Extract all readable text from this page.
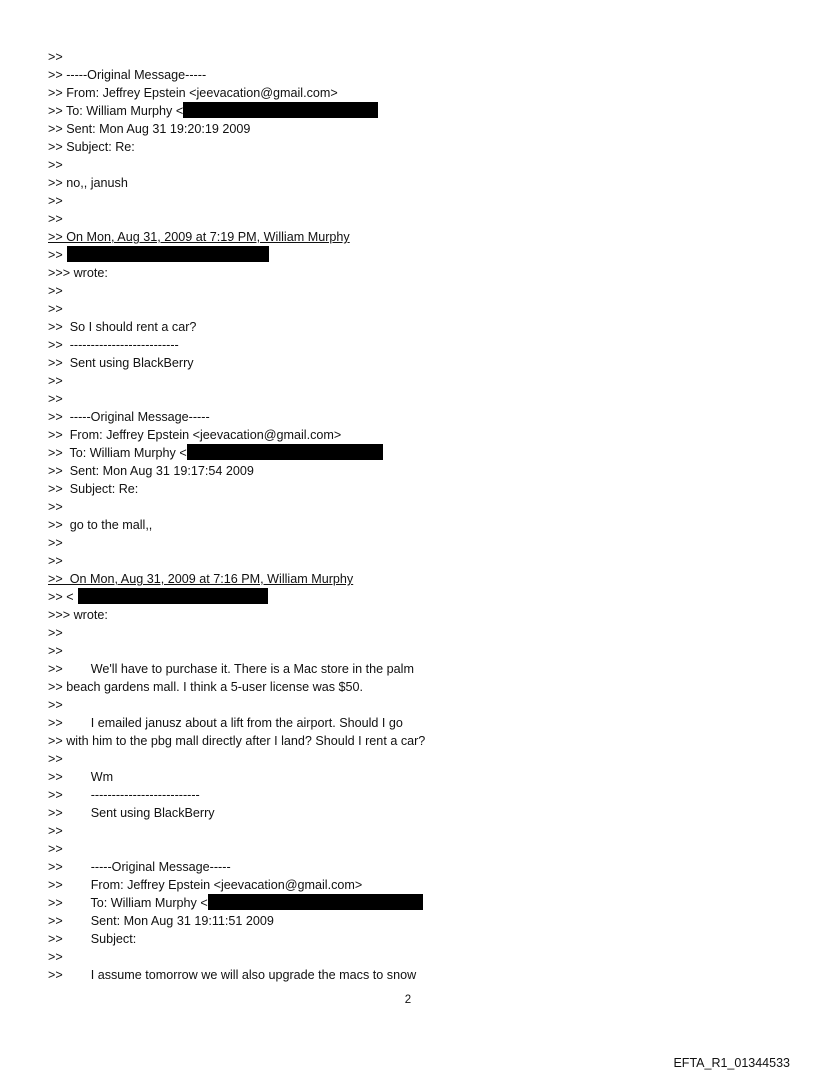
>>
>> -----Original Message-----
>> From: Jeffrey Epstein <jeevacation@gmail.com>
>> To: William Murphy <
>> Sent: Mon Aug 31 19:20:19 2009
>> Subject: Re:
>>
>> no,, janush
>>
>>
>> On Mon, Aug 31, 2009 at 7:19 PM, William Murphy
>>
>>> wrote:
>>
>>
>>  So I should rent a car?
>>  --------------------------
>>  Sent using BlackBerry
>>
>>
>>  -----Original Message-----
>>  From: Jeffrey Epstein <jeevacation@gmail.com>
>>  To: William Murphy <
>>  Sent: Mon Aug 31 19:17:54 2009
>>  Subject: Re:
>>
>>  go to the mall,,
>>
>>
>>  On Mon, Aug 31, 2009 at 7:16 PM, William Murphy
>> <
>>> wrote:
>>
>>
>>        We'll have to purchase it. There is a Mac store in the palm
>> beach gardens mall. I think a 5-user license was $50.
>>
>>        I emailed janusz about a lift from the airport. Should I go
>> with him to the pbg mall directly after I land? Should I rent a car?
>>
>>        Wm
>>        --------------------------
>>        Sent using BlackBerry
>>
>>
>>        -----Original Message-----
>>        From: Jeffrey Epstein <jeevacation@gmail.com>
>>        To: William Murphy <
>>        Sent: Mon Aug 31 19:11:51 2009
>>        Subject:
>>
>>        I assume tomorrow we will also upgrade the macs to snow
2
EFTA_R1_01344533
